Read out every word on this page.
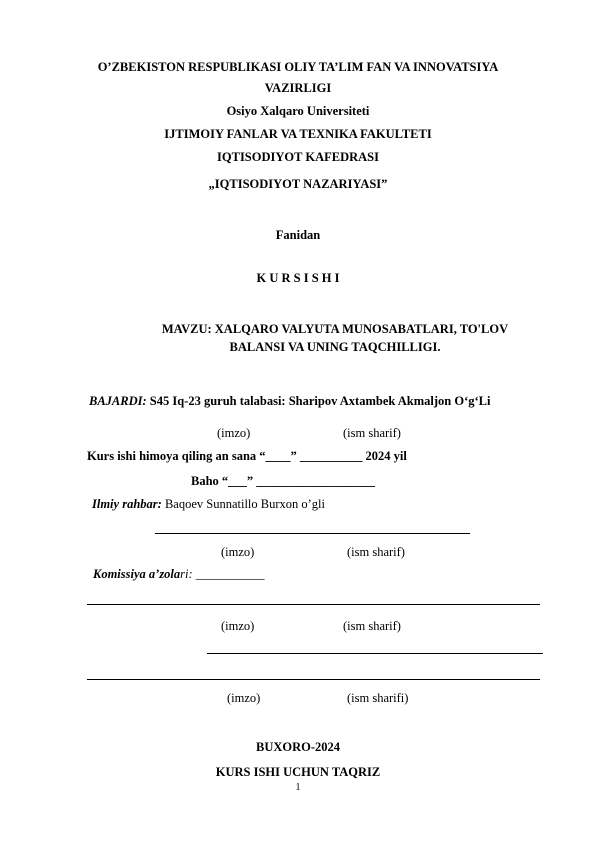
O’ZBEKISTON RESPUBLIKASI OLIY TA’LIM FAN VA INNOVATSIYA
VAZIRLIGI
Osiyo Xalqaro Universiteti
IJTIMOIY FANLAR VA TEXNIKA FAKULTETI
IQTISODIYOT KAFEDRASI
„IQTISODIYOT NAZARIYASI”
Fanidan
K U R S I S H I
MAVZU: XALQARO VALYUTA MUNOSABATLARI, TO'LOV
BALANSI VA UNING TAQCHILLIGI.
BAJARDI: S45 Iq-23 guruh talabasi: Sharipov Axtambek Akmaljon O‘g‘Li
(imzo)	(ism sharif)
Kurs ishi himoya qiling an sana “____” __________ 2024 yil
Baho “___” ___________________
Ilmiy rahbar: Baqoev Sunnatillo Burxon o’gli
(imzo)	(ism sharif)
Komissiya a’zolari: ___________
(imzo)	(ism sharif)
(imzo)	(ism sharifi)
BUXORO-2024
KURS ISHI UCHUN TAQRIZ
1
